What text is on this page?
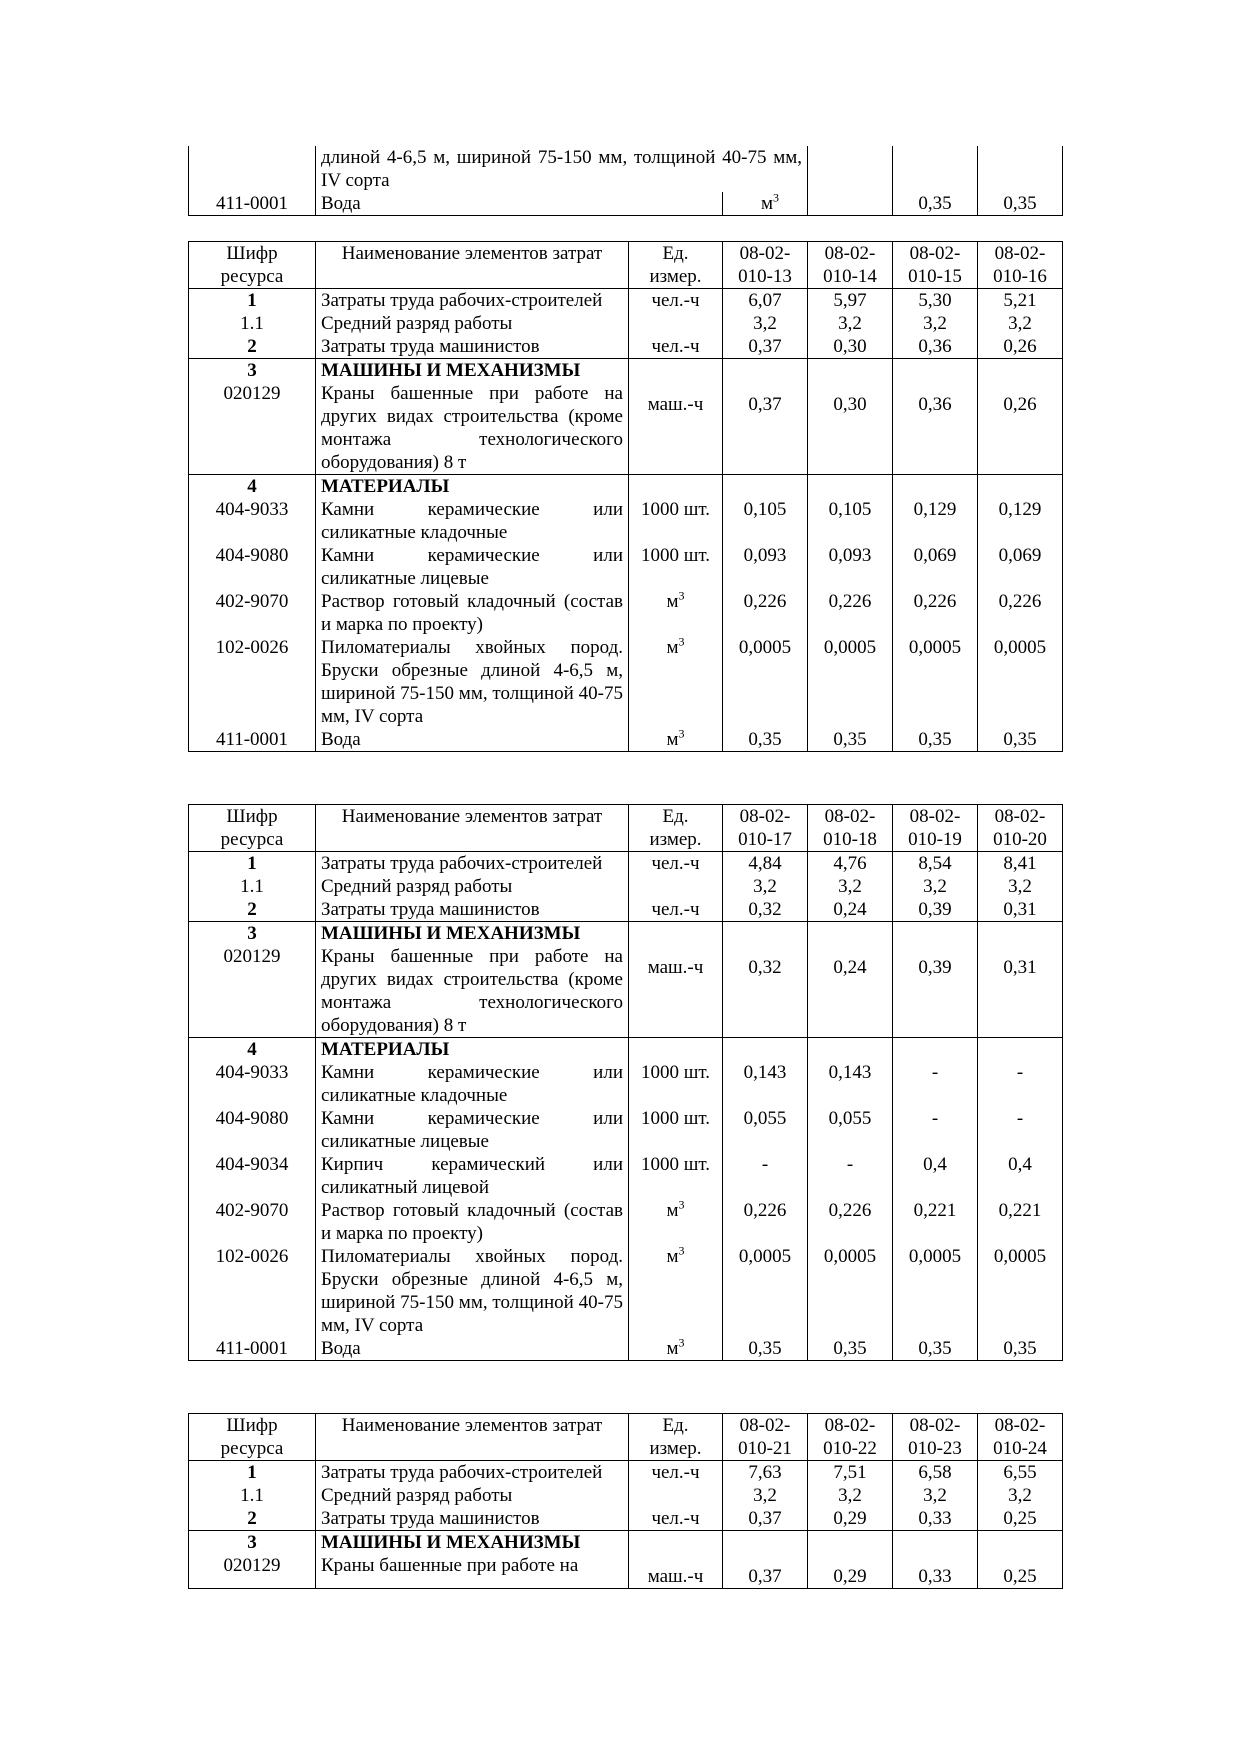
	длиной 4-6,5 м, шириной 75-150 мм, толщиной 40-75 мм, IV сорта				
411-0001	Вода	$м^3$		0,35	0,35
Шифр ресурса	Наименование элементов затрат	Ед. измер.	08-02-010-13	08-02-010-14	08-02-010-15	08-02-010-16
1	Затраты труда рабочих-строителей	чел.-ч	6,07	5,97	5,30	5,21
1.1	Средний разряд работы		3,2	3,2	3,2	3,2
2	Затраты труда машинистов	чел.-ч	0,37	0,30	0,36	0,26
3	МАШИНЫ И МЕХАНИЗМЫ					
020129	Краны башенные при работе на других видах строительства (кроме монтажа технологического оборудования) 8 т	маш.-ч	0,37	0,30	0,36	0,26
4	МАТЕРИАЛЫ					
404-9033	Камни керамические или силикатные кладочные	1000 шт.	0,105	0,105	0,129	0,129
404-9080	Камни керамические или силикатные лицевые	1000 шт.	0,093	0,093	0,069	0,069
402-9070	Раствор готовый кладочный (состав и марка по проекту)	$м^3$	0,226	0,226	0,226	0,226
102-0026	Пиломатериалы хвойных пород. Бруски обрезные длиной 4-6,5 м, шириной 75-150 мм, толщиной 40-75 мм, IV сорта	$м^3$	0,0005	0,0005	0,0005	0,0005
411-0001	Вода	$м^3$	0,35	0,35	0,35	0,35
Шифр ресурса	Наименование элементов затрат	Ед. измер.	08-02-010-17	08-02-010-18	08-02-010-19	08-02-010-20
1	Затраты труда рабочих-строителей	чел.-ч	4,84	4,76	8,54	8,41
1.1	Средний разряд работы		3,2	3,2	3,2	3,2
2	Затраты труда машинистов	чел.-ч	0,32	0,24	0,39	0,31
3	МАШИНЫ И МЕХАНИЗМЫ					
020129	Краны башенные при работе на других видах строительства (кроме монтажа технологического оборудования) 8 т	маш.-ч	0,32	0,24	0,39	0,31
4	МАТЕРИАЛЫ					
404-9033	Камни керамические или силикатные кладочные	1000 шт.	0,143	0,143	-	-
404-9080	Камни керамические или силикатные лицевые	1000 шт.	0,055	0,055	-	-
404-9034	Кирпич керамический или силикатный лицевой	1000 шт.	-	-	0,4	0,4
402-9070	Раствор готовый кладочный (состав и марка по проекту)	$м^3$	0,226	0,226	0,221	0,221
102-0026	Пиломатериалы хвойных пород. Бруски обрезные длиной 4-6,5 м, шириной 75-150 мм, толщиной 40-75 мм, IV сорта	$м^3$	0,0005	0,0005	0,0005	0,0005
411-0001	Вода	$м^3$	0,35	0,35	0,35	0,35
Шифр ресурса	Наименование элементов затрат	Ед. измер.	08-02-010-21	08-02-010-22	08-02-010-23	08-02-010-24
1	Затраты труда рабочих-строителей	чел.-ч	7,63	7,51	6,58	6,55
1.1	Средний разряд работы		3,2	3,2	3,2	3,2
2	Затраты труда машинистов	чел.-ч	0,37	0,29	0,33	0,25
3	МАШИНЫ И МЕХАНИЗМЫ					
020129	Краны башенные при работе на	маш.-ч	0,37	0,29	0,33	0,25
